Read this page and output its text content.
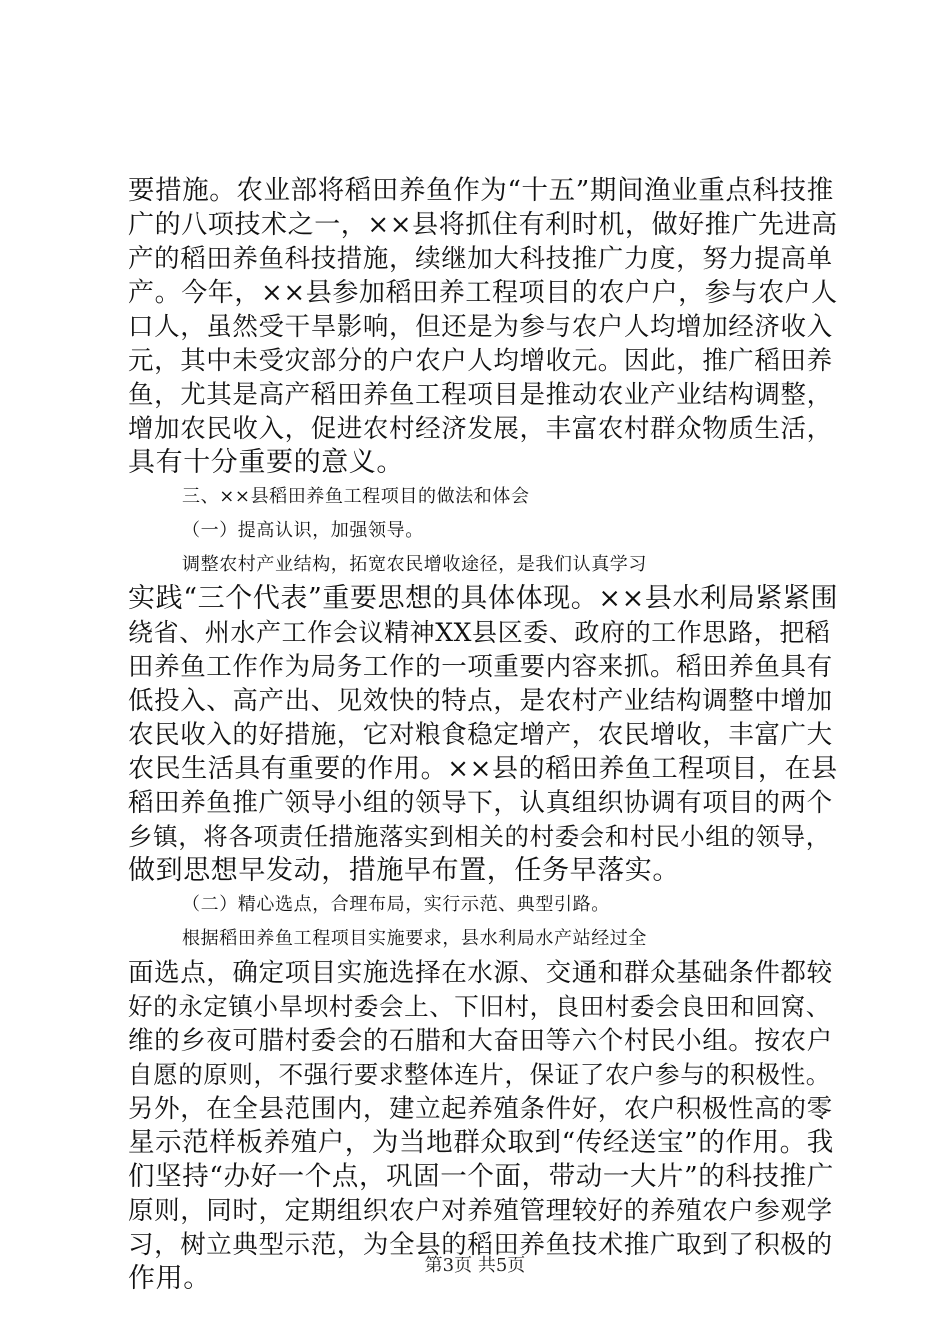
要措施。农业部将稻田养鱼作为“十五”期间渔业重点科技推
广的八项技术之一，××县将抓住有利时机，做好推广先进高
产的稻田养鱼科技措施，续继加大科技推广力度，努力提高单
产。今年，××县参加稻田养工程项目的农户户，参与农户人
口人，虽然受干旱影响，但还是为参与农户人均增加经济收入
元，其中未受灾部分的户农户人均增收元。因此，推广稻田养
鱼，尤其是高产稻田养鱼工程项目是推动农业产业结构调整，
增加农民收入，促进农村经济发展，丰富农村群众物质生活，
具有十分重要的意义。
三、××县稻田养鱼工程项目的做法和体会
（一）提高认识，加强领导。
调整农村产业结构，拓宽农民增收途径，是我们认真学习
实践“三个代表”重要思想的具体体现。××县水利局紧紧围
绕省、州水产工作会议精神XX县区委、政府的工作思路，把稻
田养鱼工作作为局务工作的一项重要内容来抓。稻田养鱼具有
低投入、高产出、见效快的特点，是农村产业结构调整中增加
农民收入的好措施，它对粮食稳定增产，农民增收，丰富广大
农民生活具有重要的作用。××县的稻田养鱼工程项目，在县
稻田养鱼推广领导小组的领导下，认真组织协调有项目的两个
乡镇，将各项责任措施落实到相关的村委会和村民小组的领导，
做到思想早发动，措施早布置，任务早落实。
（二）精心选点，合理布局，实行示范、典型引路。
根据稻田养鱼工程项目实施要求，县水利局水产站经过全
面选点，确定项目实施选择在水源、交通和群众基础条件都较
好的永定镇小旱坝村委会上、下旧村，良田村委会良田和回窝、
维的乡夜可腊村委会的石腊和大奋田等六个村民小组。按农户
自愿的原则，不强行要求整体连片，保证了农户参与的积极性。
另外，在全县范围内，建立起养殖条件好，农户积极性高的零
星示范样板养殖户，为当地群众取到“传经送宝”的作用。我
们坚持“办好一个点，巩固一个面，带动一大片”的科技推广
原则，同时，定期组织农户对养殖管理较好的养殖农户参观学
习，树立典型示范，为全县的稻田养鱼技术推广取到了积极的
作用。	第3页 共5页
